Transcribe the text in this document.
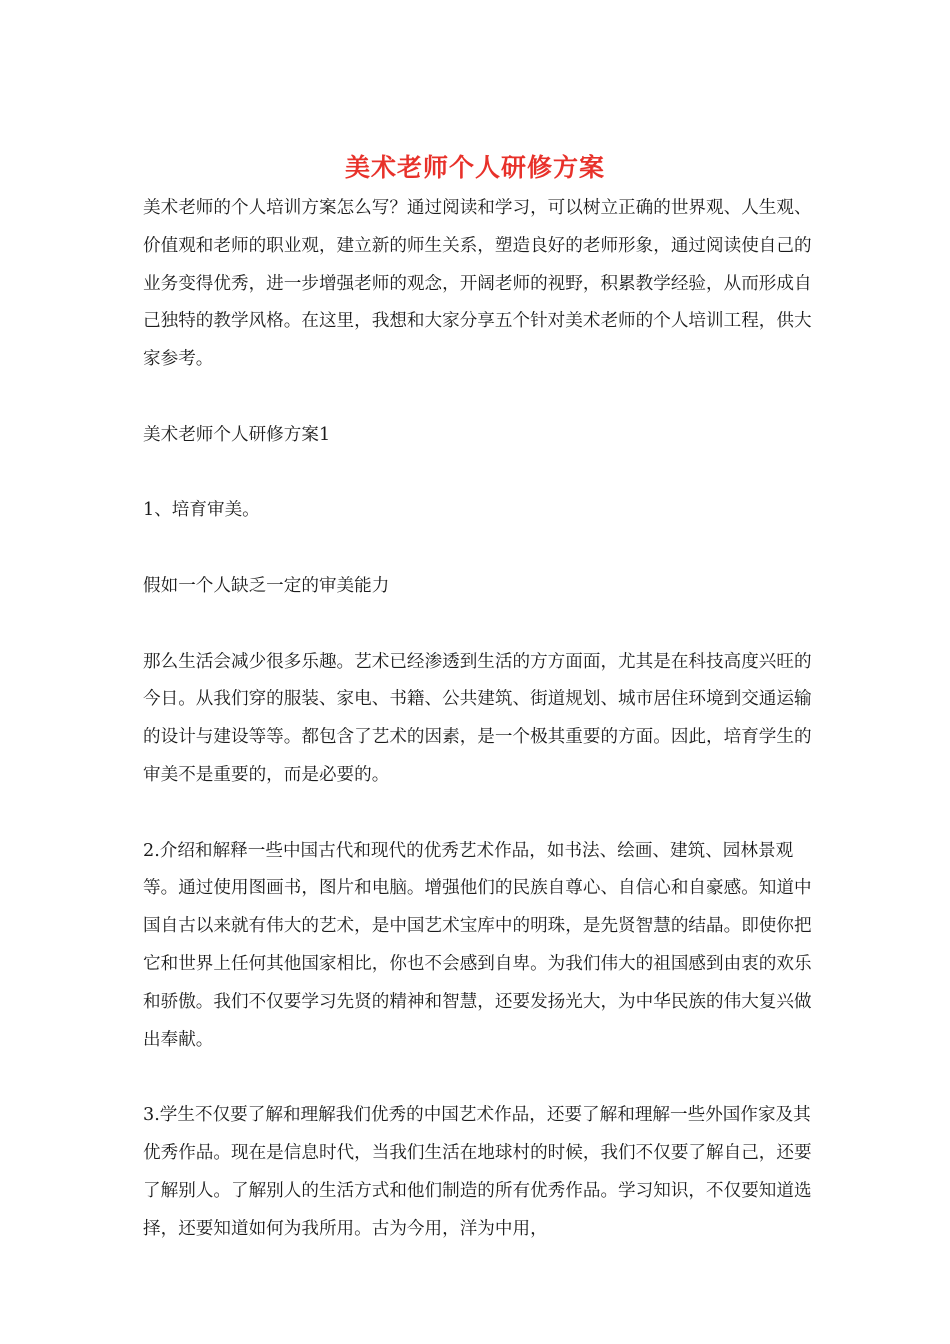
美术老师个人研修方案

美术老师的个人培训方案怎么写？通过阅读和学习，可以树立正确的世界观、人生观、价值观和老师的职业观，建立新的师生关系，塑造良好的老师形象，通过阅读使自己的业务变得优秀，进一步增强老师的观念，开阔老师的视野，积累教学经验，从而形成自己独特的教学风格。在这里，我想和大家分享五个针对美术老师的个人培训工程，供大家参考。

美术老师个人研修方案1

1、培育审美。

假如一个人缺乏一定的审美能力

那么生活会减少很多乐趣。艺术已经渗透到生活的方方面面，尤其是在科技高度兴旺的今日。从我们穿的服装、家电、书籍、公共建筑、街道规划、城市居住环境到交通运输的设计与建设等等。都包含了艺术的因素，是一个极其重要的方面。因此，培育学生的审美不是重要的，而是必要的。

2.介绍和解释一些中国古代和现代的优秀艺术作品，如书法、绘画、建筑、园林景观等。通过使用图画书，图片和电脑。增强他们的民族自尊心、自信心和自豪感。知道中国自古以来就有伟大的艺术，是中国艺术宝库中的明珠，是先贤智慧的结晶。即使你把它和世界上任何其他国家相比，你也不会感到自卑。为我们伟大的祖国感到由衷的欢乐和骄傲。我们不仅要学习先贤的精神和智慧，还要发扬光大，为中华民族的伟大复兴做出奉献。

3.学生不仅要了解和理解我们优秀的中国艺术作品，还要了解和理解一些外国作家及其优秀作品。现在是信息时代，当我们生活在地球村的时候，我们不仅要了解自己，还要了解别人。了解别人的生活方式和他们制造的所有优秀作品。学习知识，不仅要知道选择，还要知道如何为我所用。古为今用，洋为中用，
